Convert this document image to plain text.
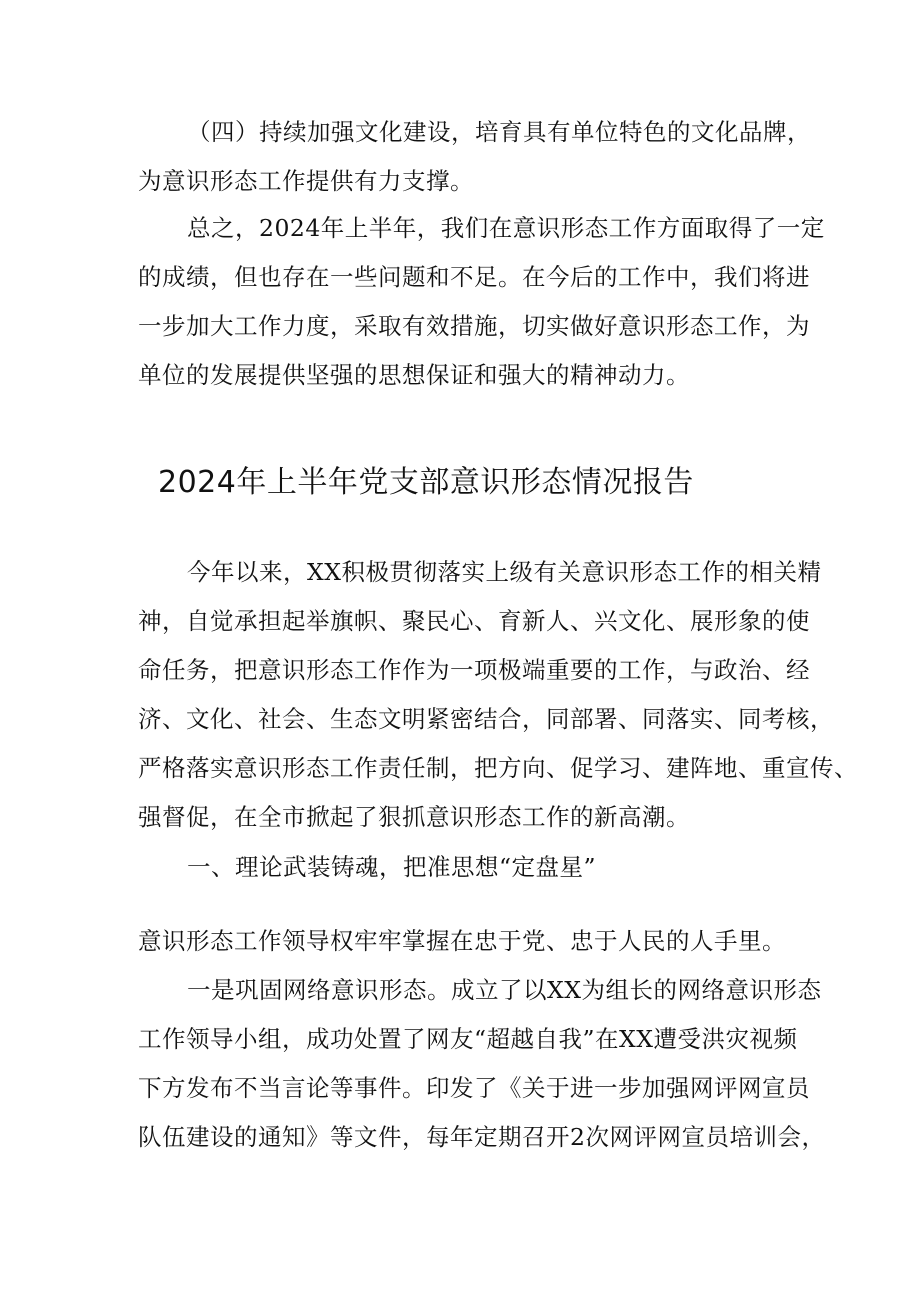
（四）持续加强文化建设，培育具有单位特色的文化品牌，
为意识形态工作提供有力支撑。
总之，2024年上半年，我们在意识形态工作方面取得了一定
的成绩，但也存在一些问题和不足。在今后的工作中，我们将进
一步加大工作力度，采取有效措施，切实做好意识形态工作，为
单位的发展提供坚强的思想保证和强大的精神动力。
2024年上半年党支部意识形态情况报告
今年以来，XX积极贯彻落实上级有关意识形态工作的相关精
神，自觉承担起举旗帜、聚民心、育新人、兴文化、展形象的使
命任务，把意识形态工作作为一项极端重要的工作，与政治、经
济、文化、社会、生态文明紧密结合，同部署、同落实、同考核，
严格落实意识形态工作责任制，把方向、促学习、建阵地、重宣传、
强督促，在全市掀起了狠抓意识形态工作的新高潮。
一、理论武装铸魂，把准思想“定盘星”
意识形态工作领导权牢牢掌握在忠于党、忠于人民的人手里。
一是巩固网络意识形态。成立了以XX为组长的网络意识形态
工作领导小组，成功处置了网友“超越自我”在XX遭受洪灾视频
下方发布不当言论等事件。印发了《关于进一步加强网评网宣员
队伍建设的通知》等文件，每年定期召开2次网评网宣员培训会，
